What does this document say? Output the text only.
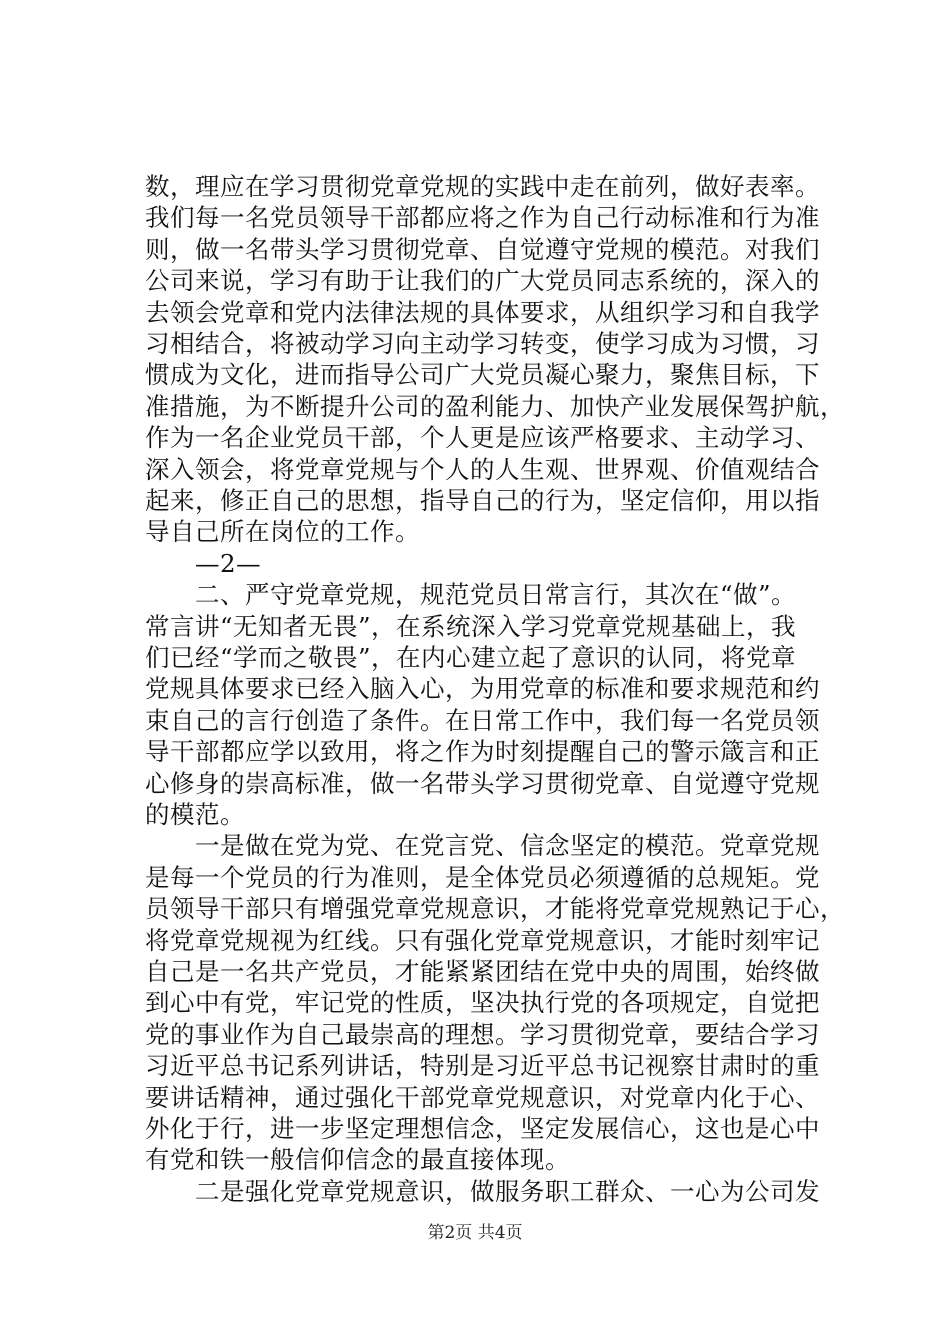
数，理应在学习贯彻党章党规的实践中走在前列，做好表率。
我们每一名党员领导干部都应将之作为自己行动标准和行为准
则，做一名带头学习贯彻党章、自觉遵守党规的模范。对我们
公司来说，学习有助于让我们的广大党员同志系统的，深入的
去领会党章和党内法律法规的具体要求，从组织学习和自我学
习相结合，将被动学习向主动学习转变，使学习成为习惯，习
惯成为文化，进而指导公司广大党员凝心聚力，聚焦目标，下
准措施，为不断提升公司的盈利能力、加快产业发展保驾护航，
作为一名企业党员干部，个人更是应该严格要求、主动学习、
深入领会，将党章党规与个人的人生观、世界观、价值观结合
起来，修正自己的思想，指导自己的行为，坚定信仰，用以指
导自己所在岗位的工作。
　　—2—
　　二、严守党章党规，规范党员日常言行，其次在“做”。
常言讲“无知者无畏”，在系统深入学习党章党规基础上，我
们已经“学而之敬畏”，在内心建立起了意识的认同，将党章
党规具体要求已经入脑入心，为用党章的标准和要求规范和约
束自己的言行创造了条件。在日常工作中，我们每一名党员领
导干部都应学以致用，将之作为时刻提醒自己的警示箴言和正
心修身的崇高标准，做一名带头学习贯彻党章、自觉遵守党规
的模范。
　　一是做在党为党、在党言党、信念坚定的模范。党章党规
是每一个党员的行为准则，是全体党员必须遵循的总规矩。党
员领导干部只有增强党章党规意识，才能将党章党规熟记于心，
将党章党规视为红线。只有强化党章党规意识，才能时刻牢记
自己是一名共产党员，才能紧紧团结在党中央的周围，始终做
到心中有党，牢记党的性质，坚决执行党的各项规定，自觉把
党的事业作为自己最崇高的理想。学习贯彻党章，要结合学习
习近平总书记系列讲话，特别是习近平总书记视察甘肃时的重
要讲话精神，通过强化干部党章党规意识，对党章内化于心、
外化于行，进一步坚定理想信念，坚定发展信心，这也是心中
有党和铁一般信仰信念的最直接体现。
　　二是强化党章党规意识，做服务职工群众、一心为公司发
第2页 共4页
